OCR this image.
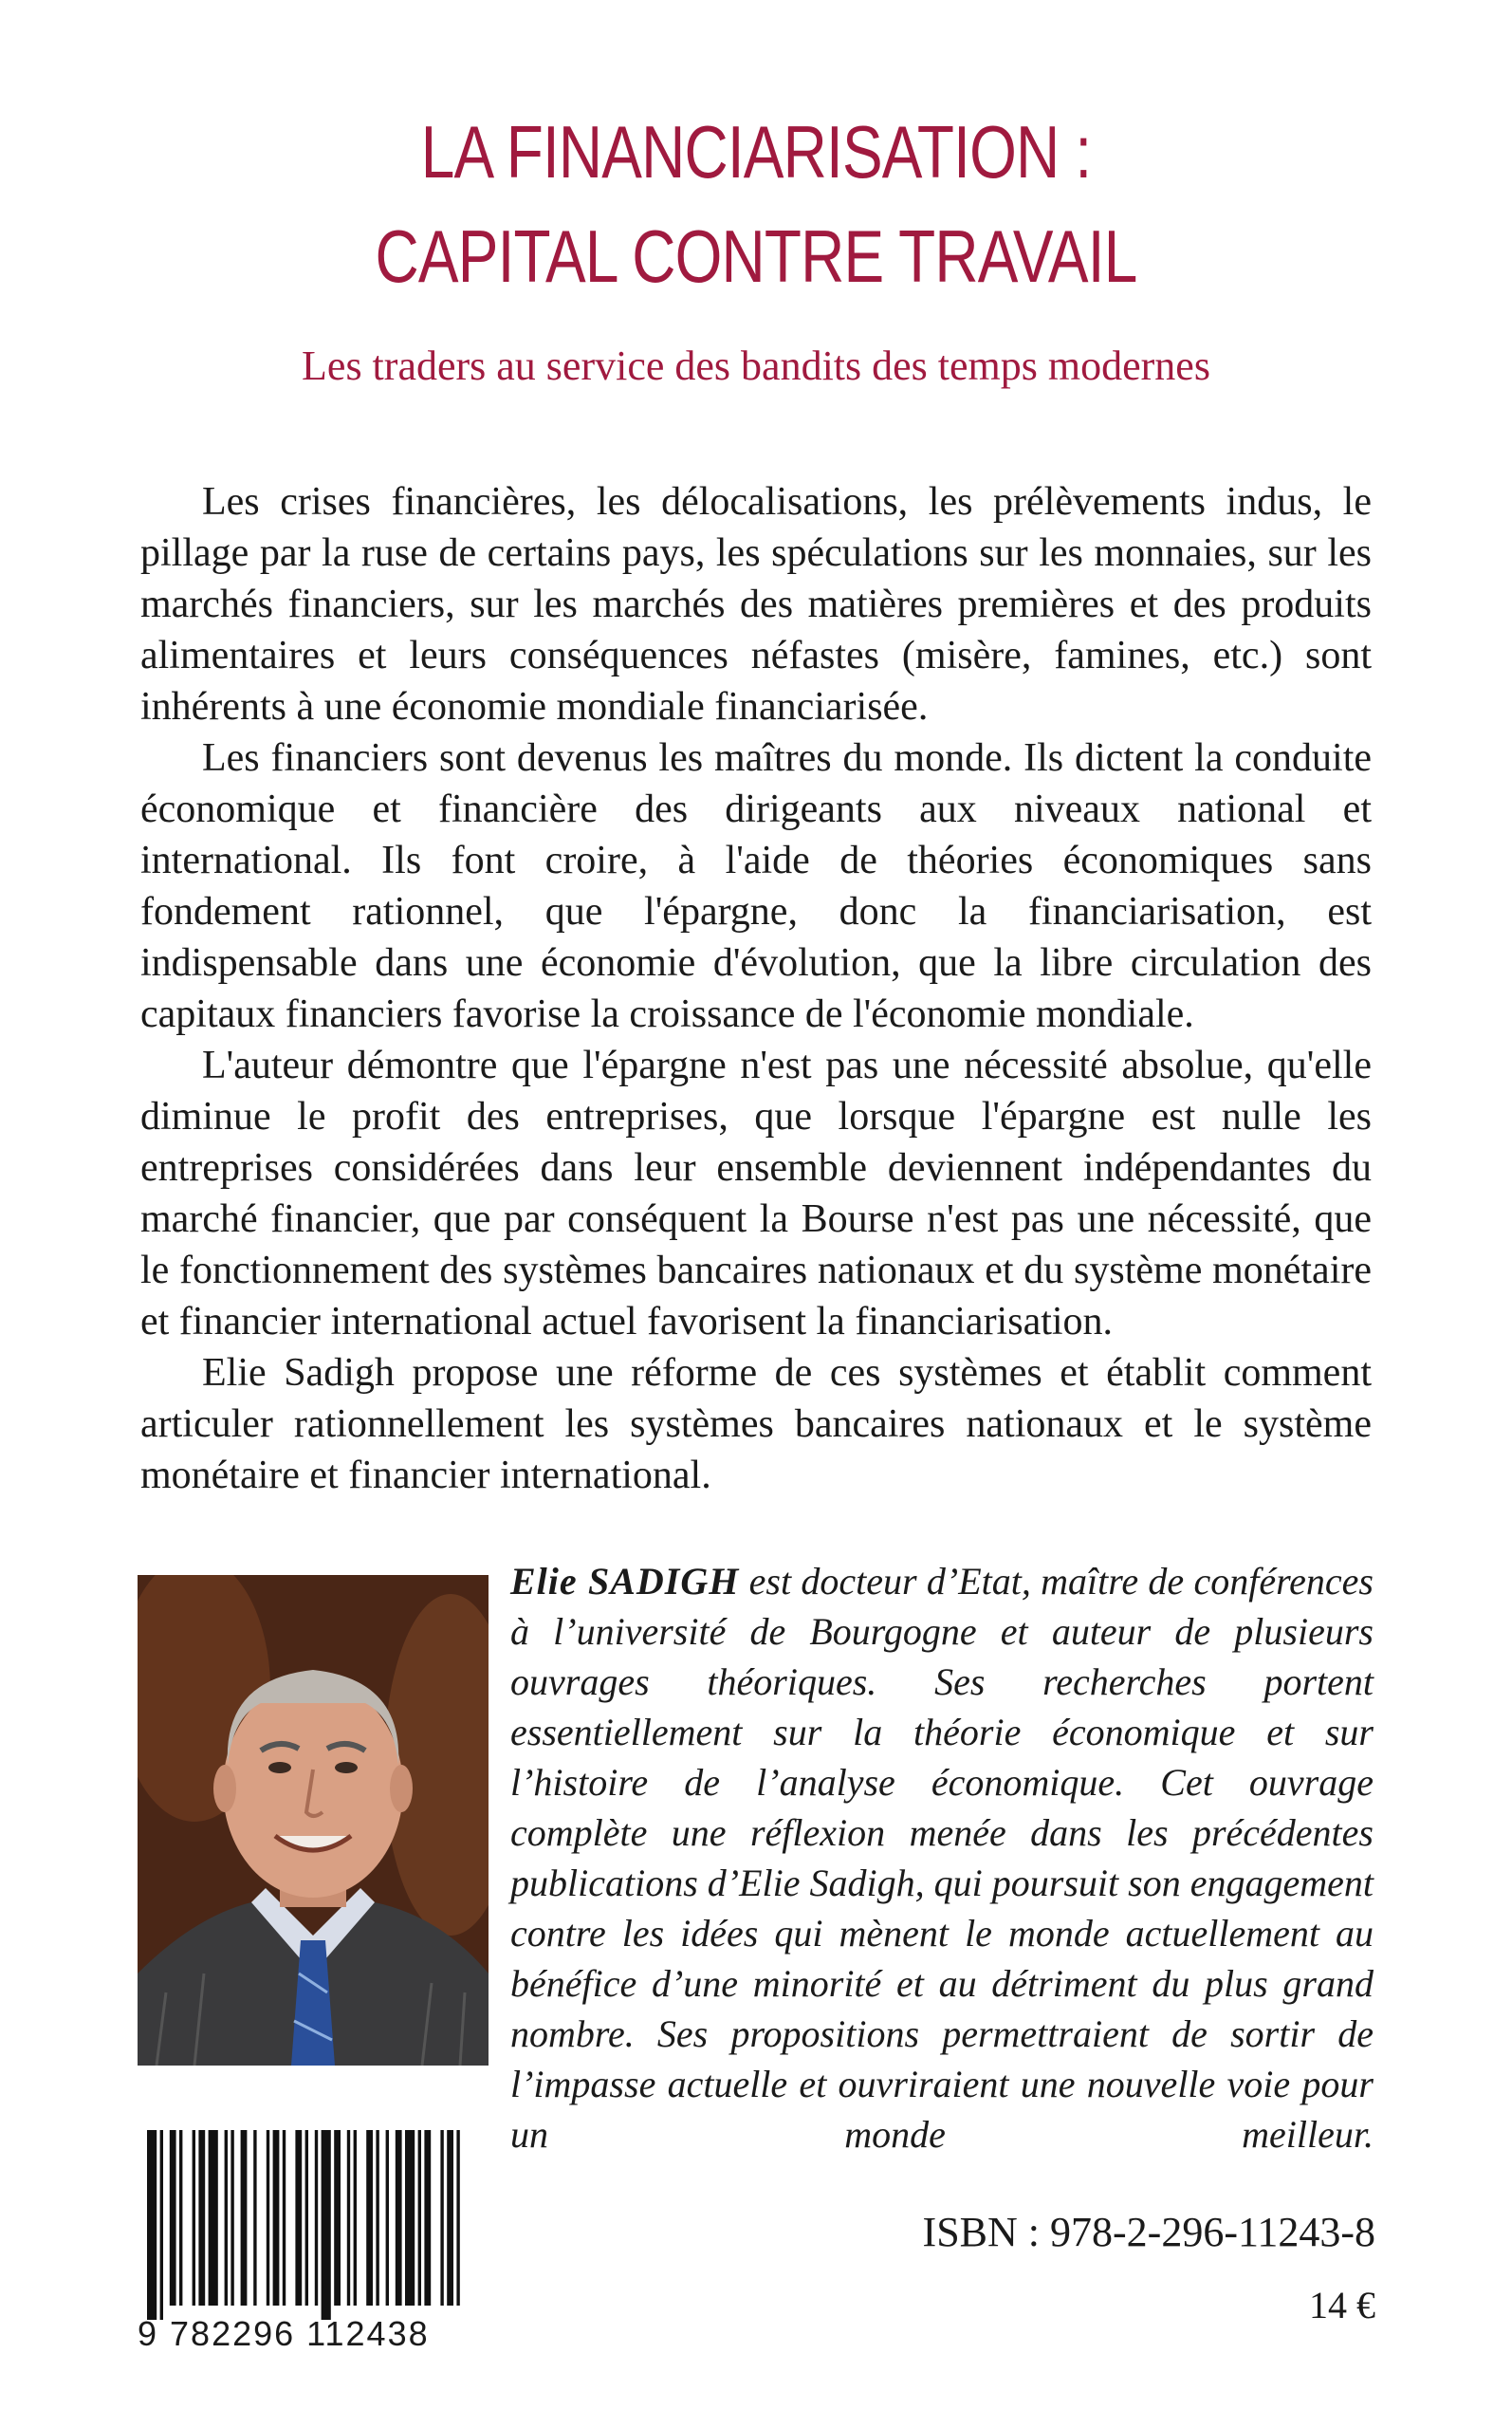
LA FINANCIARISATION :
CAPITAL CONTRE TRAVAIL
Les traders au service des bandits des temps modernes

Les crises financières, les délocalisations, les prélèvements indus, le pillage par la ruse de certains pays, les spéculations sur les monnaies, sur les marchés financiers, sur les marchés des matières premières et des produits alimentaires et leurs conséquences néfastes (misère, famines, etc.) sont inhérents à une économie mondiale financiarisée.

Les financiers sont devenus les maîtres du monde. Ils dictent la conduite économique et financière des dirigeants aux niveaux national et international. Ils font croire, à l'aide de théories économiques sans fondement rationnel, que l'épargne, donc la financiarisation, est indispensable dans une économie d'évolution, que la libre circulation des capitaux financiers favorise la croissance de l'économie mondiale.

L'auteur démontre que l'épargne n'est pas une nécessité absolue, qu'elle diminue le profit des entreprises, que lorsque l'épargne est nulle les entreprises considérées dans leur ensemble deviennent indépendantes du marché financier, que par conséquent la Bourse n'est pas une nécessité, que le fonctionnement des systèmes bancaires nationaux et du système monétaire et financier international actuel favorisent la financiarisation.

Elie Sadigh propose une réforme de ces systèmes et établit comment articuler rationnellement les systèmes bancaires nationaux et le système monétaire et financier international.

Elie SADIGH est docteur d’Etat, maître de conférences à l’université de Bourgogne et auteur de plusieurs ouvrages théoriques. Ses recherches portent essentiellement sur la théorie économique et sur l’histoire de l’analyse économique. Cet ouvrage complète une réflexion menée dans les précédentes publications d’Elie Sadigh, qui poursuit son engagement contre les idées qui mènent le monde actuellement au bénéfice d’une minorité et au détriment du plus grand nombre. Ses propositions permettraient de sortir de l’impasse actuelle et ouvriraient une nouvelle voie pour un monde meilleur.
9 782296 112438
ISBN : 978-2-296-11243-8
14 €
